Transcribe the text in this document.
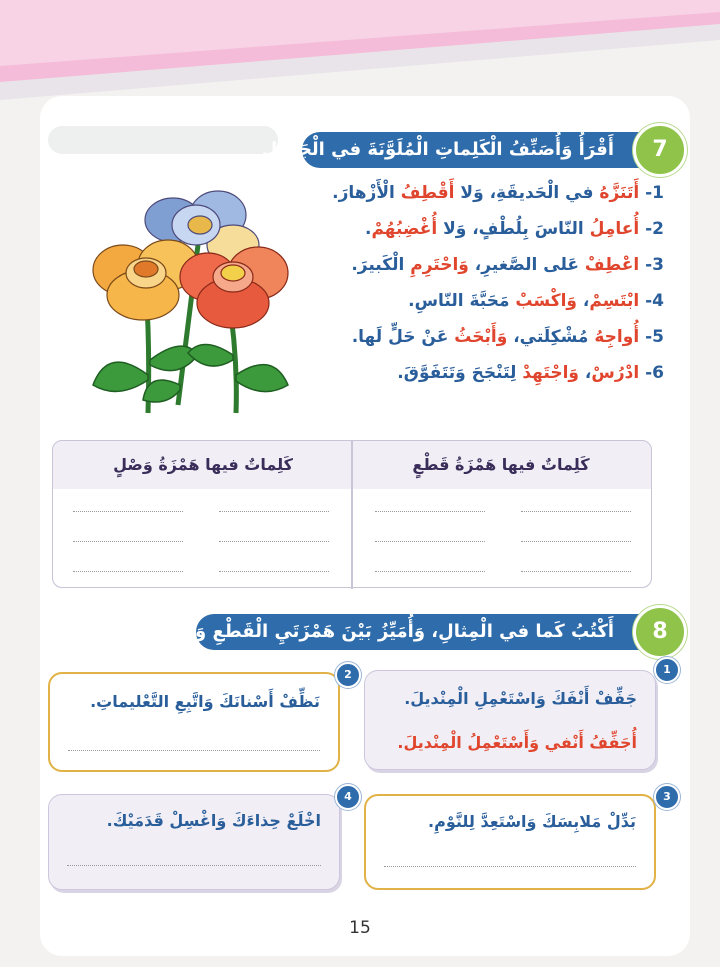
أَقْرَأُ وَأُصَنِّفُ الْكَلِماتِ الْمُلَوَّنَةَ في الْجَدْوَلِ	7
1- أَتَنَزَّهُ في الْحَديقَةِ، وَلا أَقْطِفُ الْأَزْهارَ.
2- أُعامِلُ النّاسَ بِلُطْفٍ، وَلا أُغْضِبُهُمْ.
3- اعْطِفْ عَلى الصَّغيرِ، وَاحْتَرِمِ الْكَبيرَ.
4- ابْتَسِمْ، وَاكْسَبْ مَحَبَّةَ النّاسِ.
5- أُواجِهُ مُشْكِلَتي، وَأَبْحَثُ عَنْ حَلٍّ لَها.
6- ادْرُسْ، وَاجْتَهِدْ لِتَنْجَحَ وَتَتَفَوَّقَ.
كَلِماتٌ فيها هَمْزَةُ قَطْعٍ
كَلِماتٌ فيها هَمْزَةُ وَصْلٍ
أَكْتُبُ كَما في الْمِثالِ، وَأُمَيِّزُ بَيْنَ هَمْزَتَيِ الْقَطْعِ وَالْوَصْلِ	8
جَفِّفْ أَنْفَكَ وَاسْتَعْمِلِ الْمِنْديلَ.
أُجَفِّفُ أَنْفي وَأَسْتَعْمِلُ الْمِنْديلَ.
1
نَظِّفْ أَسْنانَكَ وَاتَّبِعِ التَّعْليماتِ.
2
بَدِّلْ مَلابِسَكَ وَاسْتَعِدَّ لِلنَّوْمِ.
3
اخْلَعْ حِذاءَكَ وَاغْسِلْ قَدَمَيْكَ.
4
15
